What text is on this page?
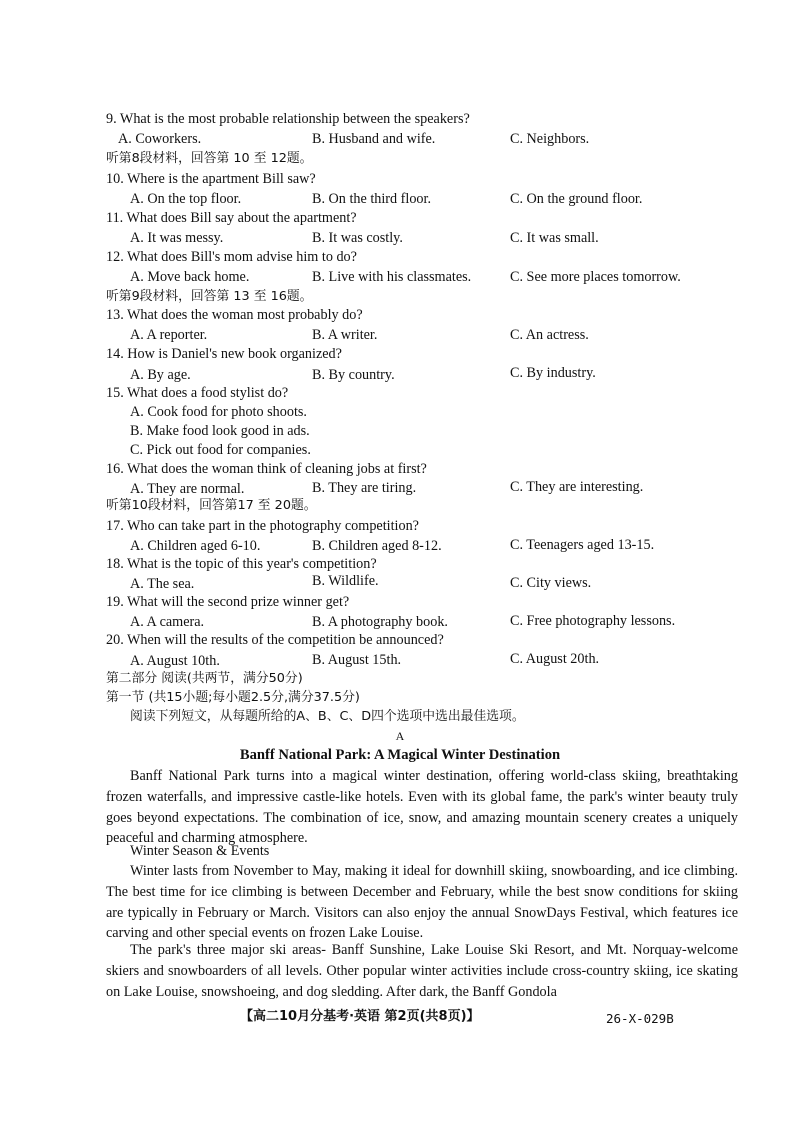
9. What is the most probable relationship between the speakers?
A. Coworkers.	B. Husband and wife.	C. Neighbors.
听第8段材料，回答第 10 至 12题。
10. Where is the apartment Bill saw?
A. On the top floor.	B. On the third floor.	C. On the ground floor.
11. What does Bill say about the apartment?
A. It was messy.	B. It was costly.	C. It was small.
12. What does Bill's mom advise him to do?
A. Move back home.	B. Live with his classmates.	C. See more places tomorrow.
听第9段材料，回答第 13 至 16题。
13. What does the woman most probably do?
A. A reporter.	B. A writer.	C. An actress.
14. How is Daniel's new book organized?
A. By age.	B. By country.	C. By industry.
15. What does a food stylist do?
A. Cook food for photo shoots.
B. Make food look good in ads.
C. Pick out food for companies.
16. What does the woman think of cleaning jobs at first?
A. They are normal.	B. They are tiring.	C. They are interesting.
听第10段材料，回答第17 至 20题。
17. Who can take part in the photography competition?
A. Children aged 6-10.	B. Children aged 8-12.	C. Teenagers aged 13-15.
18. What is the topic of this year's competition?
A. The sea.	B. Wildlife.	C. City views.
19. What will the second prize winner get?
A. A camera.	B. A photography book.	C. Free photography lessons.
20. When will the results of the competition be announced?
A. August 10th.	B. August 15th.	C. August 20th.
第二部分 阅读(共两节，满分50分)
第一节 (共15小题;每小题2.5分,满分37.5分)
阅读下列短文，从每题所给的A、B、C、D四个选项中选出最佳选项。
A
Banff National Park: A Magical Winter Destination
Banff National Park turns into a magical winter destination, offering world-class skiing, breathtaking frozen waterfalls, and impressive castle-like hotels. Even with its global fame, the park's winter beauty truly goes beyond expectations. The combination of ice, snow, and amazing mountain scenery creates a uniquely peaceful and charming atmosphere.
Winter Season & Events
Winter lasts from November to May, making it ideal for downhill skiing, snowboarding, and ice climbing. The best time for ice climbing is between December and February, while the best snow conditions for skiing are typically in February or March. Visitors can also enjoy the annual SnowDays Festival, which features ice carving and other special events on frozen Lake Louise.
The park's three major ski areas- Banff Sunshine, Lake Louise Ski Resort, and Mt. Norquay-welcome skiers and snowboarders of all levels. Other popular winter activities include cross-country skiing, ice skating on Lake Louise, snowshoeing, and dog sledding. After dark, the Banff Gondola
【高二10月分基考·英语 第2页(共8页)】	26-X-029B
